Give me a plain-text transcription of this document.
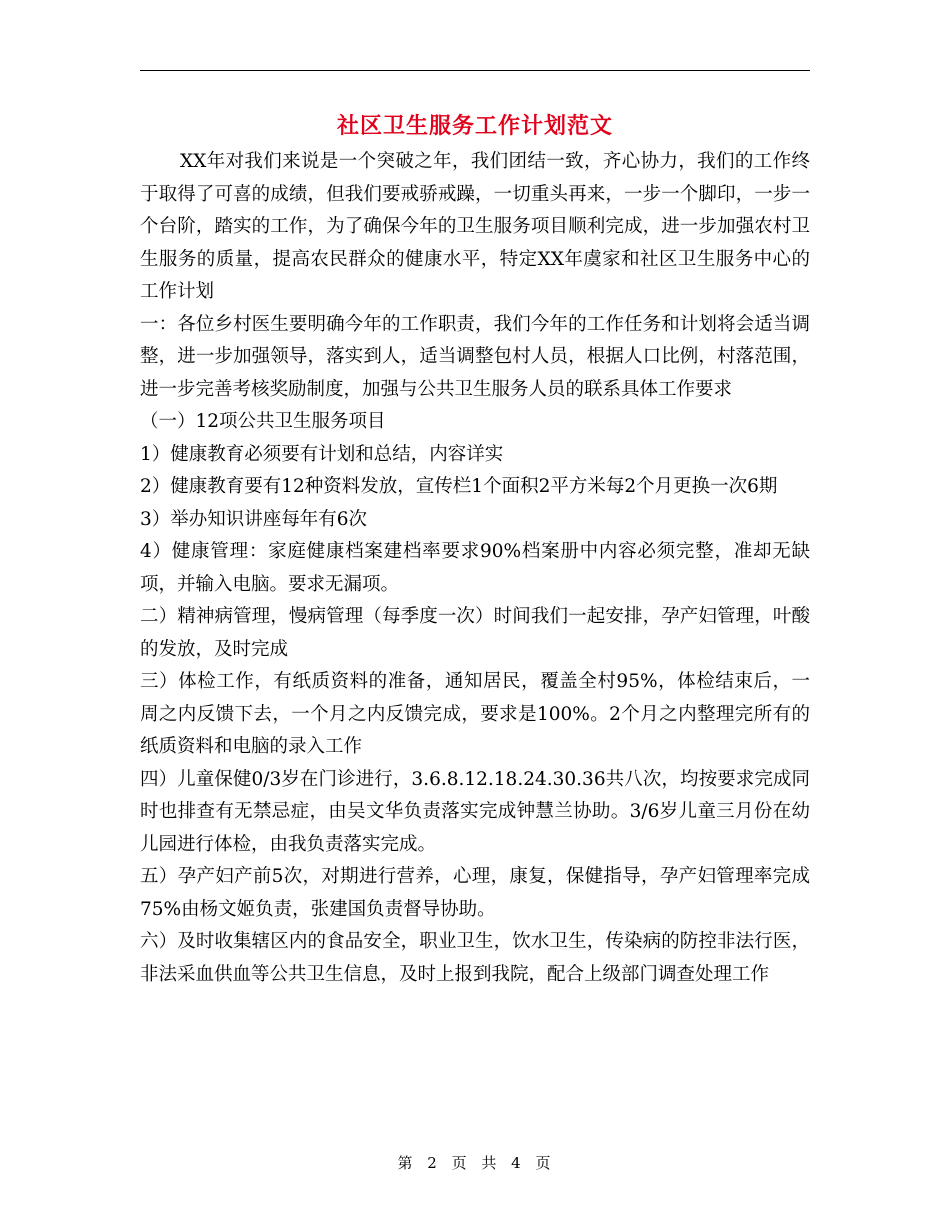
社区卫生服务工作计划范文

XX年对我们来说是一个突破之年，我们团结一致，齐心协力，我们的工作终于取得了可喜的成绩，但我们要戒骄戒躁，一切重头再来，一步一个脚印，一步一个台阶，踏实的工作，为了确保今年的卫生服务项目顺利完成，进一步加强农村卫生服务的质量，提高农民群众的健康水平，特定XX年虞家和社区卫生服务中心的工作计划

一：各位乡村医生要明确今年的工作职责，我们今年的工作任务和计划将会适当调整，进一步加强领导，落实到人，适当调整包村人员，根据人口比例，村落范围，进一步完善考核奖励制度，加强与公共卫生服务人员的联系具体工作要求

（一）12项公共卫生服务项目

1）健康教育必须要有计划和总结，内容详实

2）健康教育要有12种资料发放，宣传栏1个面积2平方米每2个月更换一次6期

3）举办知识讲座每年有6次

4）健康管理：家庭健康档案建档率要求90%档案册中内容必须完整，准却无缺项，并输入电脑。要求无漏项。

二）精神病管理，慢病管理（每季度一次）时间我们一起安排，孕产妇管理，叶酸的发放，及时完成

三）体检工作，有纸质资料的准备，通知居民，覆盖全村95%，体检结束后，一周之内反馈下去，一个月之内反馈完成，要求是100%。2个月之内整理完所有的纸质资料和电脑的录入工作

四）儿童保健0/3岁在门诊进行，3.6.8.12.18.24.30.36共八次，均按要求完成同时也排查有无禁忌症，由吴文华负责落实完成钟慧兰协助。3/6岁儿童三月份在幼儿园进行体检，由我负责落实完成。

五）孕产妇产前5次，对期进行营养，心理，康复，保健指导，孕产妇管理率完成75%由杨文姬负责，张建国负责督导协助。

六）及时收集辖区内的食品安全，职业卫生，饮水卫生，传染病的防控非法行医，非法采血供血等公共卫生信息，及时上报到我院，配合上级部门调查处理工作

第 2 页 共 4 页
